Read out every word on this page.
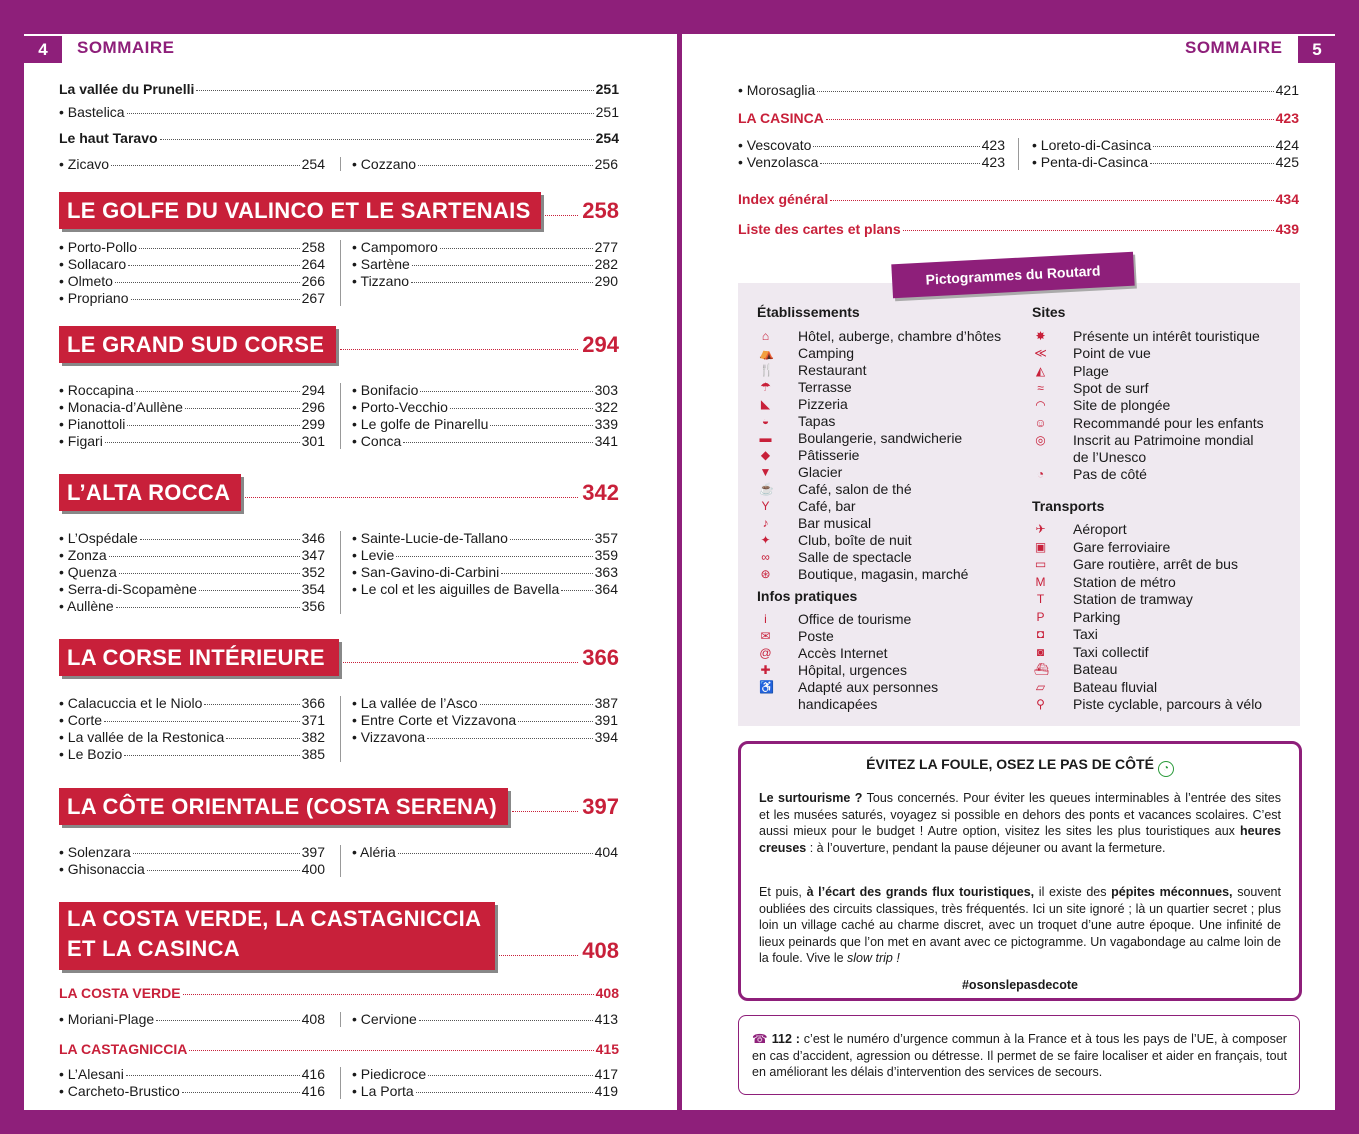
4	SOMMAIRE	SOMMAIRE	5
La vallée du Prunelli	251
• Bastelica	251
Le haut Taravo	254
• Zicavo	254 • Cozzano	256
LE GOLFE DU VALINCO ET LE SARTENAIS	258
• Porto-Pollo	258
• Sollacaro	264
• Olmeto	266
• Propriano	267
• Campomoro	277
• Sartène	282
• Tizzano	290
LE GRAND SUD CORSE	294
• Roccapina	294
• Monacia-d’Aullène	296
• Pianottoli	299
• Figari	301
• Bonifacio	303
• Porto-Vecchio	322
• Le golfe de Pinarellu	339
• Conca	341
L’ALTA ROCCA	342
• L’Ospédale	346
• Zonza	347
• Quenza	352
• Serra-di-Scopamène	354
• Aullène	356
• Sainte-Lucie-de-Tallano	357
• Levie	359
• San-Gavino-di-Carbini	363
• Le col et les aiguilles de Bavella	364
LA CORSE INTÉRIEURE	366
• Calacuccia et le Niolo	366
• Corte	371
• La vallée de la Restonica	382
• Le Bozio	385
• La vallée de l’Asco	387
• Entre Corte et Vizzavona	391
• Vizzavona	394
LA CÔTE ORIENTALE (COSTA SERENA)	397
• Solenzara	397
• Ghisonaccia	400
• Aléria	404
LA COSTA VERDE, LA CASTAGNICCIA
ET LA CASINCA	408
LA COSTA VERDE	408
• Moriani-Plage	408 • Cervione	413
LA CASTAGNICCIA	415
• L’Alesani	416
• Carcheto-Brustico	416
• Piedicroce	417
• La Porta	419
• Morosaglia	421
LA CASINCA	423
• Vescovato	423
• Venzolasca	423
• Loreto-di-Casinca	424
• Penta-di-Casinca	425
Index général	434
Liste des cartes et plans	439
Pictogrammes du Routard
Établissements
Infos pratiques
Sites
Transports
⌂ Hôtel, auberge, chambre d’hôtes
⛺ Camping
🍴 Restaurant
☂ Terrasse
◣ Pizzeria
◒ Tapas
▬ Boulangerie, sandwicherie
◆ Pâtisserie
▼ Glacier
☕ Café, salon de thé
Y Café, bar
♪ Bar musical
✦ Club, boîte de nuit
∞ Salle de spectacle
⊛ Boutique, magasin, marché
i	Office de tourisme
✉ Poste
@ Accès Internet
✚ Hôpital, urgences
♿ Adapté aux personnes
handicapées
✸ Présente un intérêt touristique
≪ Point de vue
◭ Plage
≈ Spot de surf
◠ Site de plongée
☺ Recommandé pour les enfants
◎ Inscrit au Patrimoine mondial
de l’Unesco
◔ Pas de côté
✈ Aéroport
▣ Gare ferroviaire
▭ Gare routière, arrêt de bus
M Station de métro
T Station de tramway
P Parking
◘ Taxi
◙ Taxi collectif
⛴ Bateau
▱ Bateau fluvial
⚲ Piste cyclable, parcours à vélo
ÉVITEZ LA FOULE, OSEZ LE PAS DE CÔTÉ ◔

Le surtourisme ? Tous concernés. Pour éviter les queues interminables à l’entrée des sites et les musées saturés, voyagez si possible en dehors des ponts et vacances scolaires. C’est aussi mieux pour le budget ! Autre option, visitez les sites les plus touristiques aux heures creuses : à l’ouverture, pendant la pause déjeuner ou avant la fermeture.

Et puis, à l’écart des grands flux touristiques, il existe des pépites méconnues, souvent oubliées des circuits classiques, très fréquentés. Ici un site ignoré ; là un quartier secret ; plus loin un village caché au charme discret, avec un troquet d’une autre époque. Une infinité de lieux peinards que l’on met en avant avec ce pictogramme. Un vagabondage au calme loin de la foule. Vive le slow trip !

#osonslepasdecote

☎ 112 : c’est le numéro d’urgence commun à la France et à tous les pays de l’UE, à composer en cas d’accident, agression ou détresse. Il permet de se faire localiser et aider en français, tout en améliorant les délais d’intervention des services de secours.
